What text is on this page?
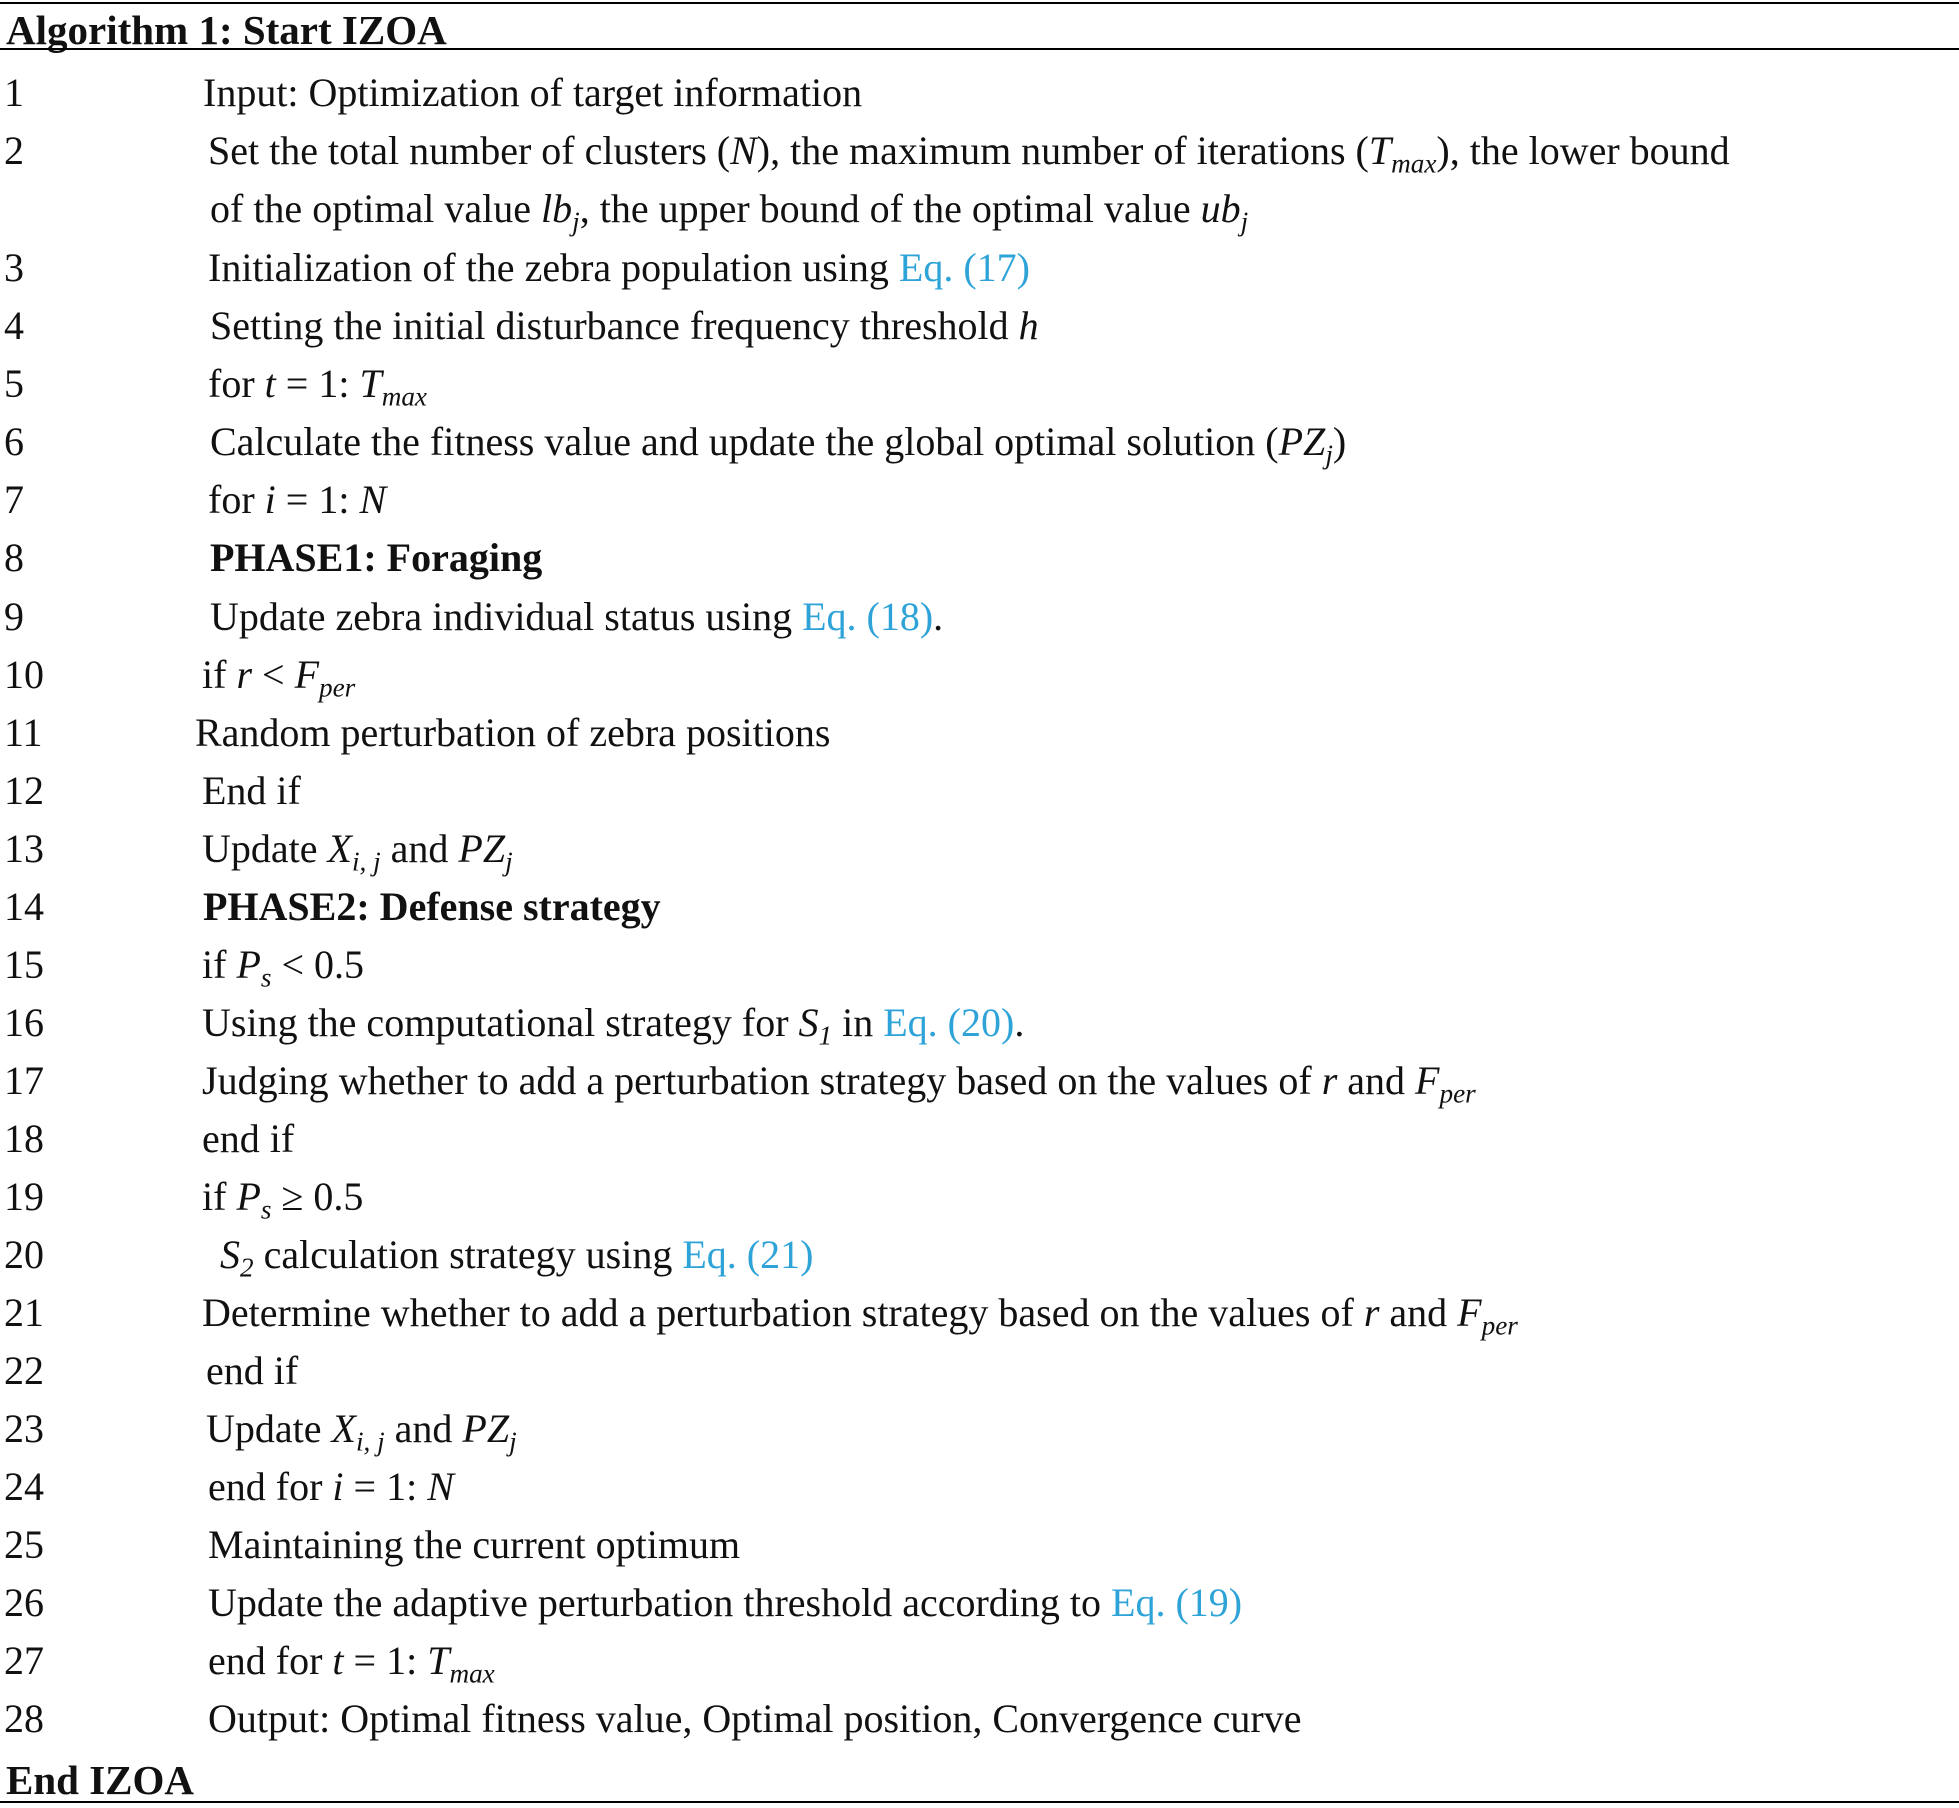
Algorithm 1: Start IZOA
1	Input: Optimization of target information
2	Set the total number of clusters (N), the maximum number of iterations $(T_{max})$, the lower bound
of the optimal value $lb_j$, the upper bound of the optimal value $ub_j$
3	Initialization of the zebra population using Eq. (17)
4	Setting the initial disturbance frequency threshold h
5	for t = 1: $T_{max}$
6	Calculate the fitness value and update the global optimal solution $(PZ_j)$
7	for i = 1: N
8	PHASE1: Foraging
9	Update zebra individual status using Eq. (18).
10	if $r < F_{per}$
11	Random perturbation of zebra positions
12	End if
13	Update $X_{i, j}$ and $PZ_j$
14	PHASE2: Defense strategy
15	if $P_s < 0.5$
16	Using the computational strategy for $S_1$ in Eq. (20).
17	Judging whether to add a perturbation strategy based on the values of r and $F_{per}$
18	end if
19	if $P_s \ge 0.5$
20	$S_2$ calculation strategy using Eq. (21)
21	Determine whether to add a perturbation strategy based on the values of r and $F_{per}$
22	end if
23	Update $X_{i, j}$ and $PZ_j$
24	end for i = 1: N
25	Maintaining the current optimum
26	Update the adaptive perturbation threshold according to Eq. (19)
27	end for t = 1: $T_{max}$
28	Output: Optimal fitness value, Optimal position, Convergence curve
End IZOA
